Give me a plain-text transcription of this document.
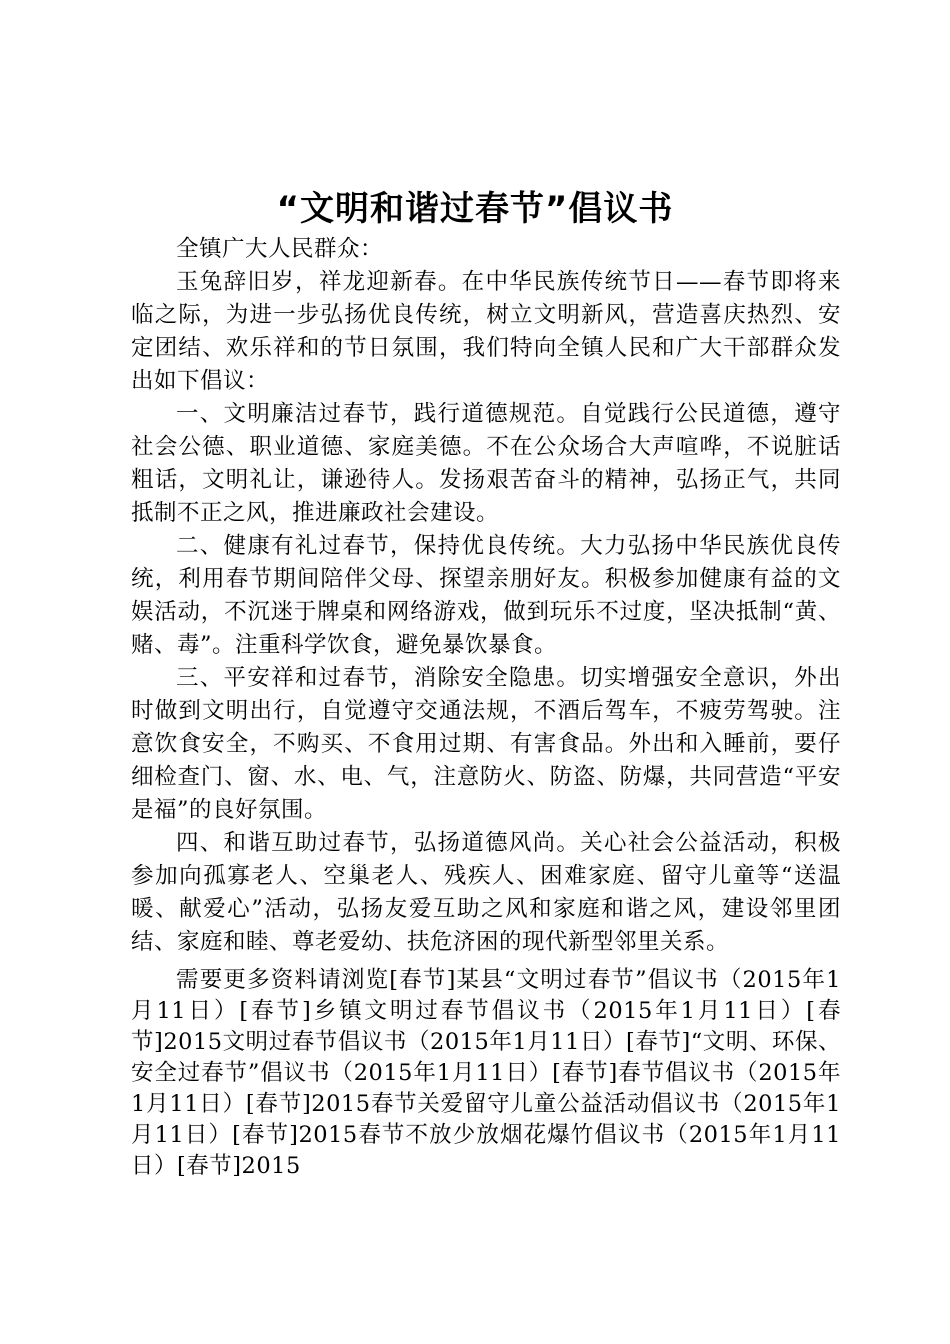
“文明和谐过春节”倡议书

全镇广大人民群众：

玉兔辞旧岁，祥龙迎新春。在中华民族传统节日——春节即将来临之际，为进一步弘扬优良传统，树立文明新风，营造喜庆热烈、安定团结、欢乐祥和的节日氛围，我们特向全镇人民和广大干部群众发出如下倡议：

一、文明廉洁过春节，践行道德规范。自觉践行公民道德，遵守社会公德、职业道德、家庭美德。不在公众场合大声喧哗，不说脏话粗话，文明礼让，谦逊待人。发扬艰苦奋斗的精神，弘扬正气，共同抵制不正之风，推进廉政社会建设。

二、健康有礼过春节，保持优良传统。大力弘扬中华民族优良传统，利用春节期间陪伴父母、探望亲朋好友。积极参加健康有益的文娱活动，不沉迷于牌桌和网络游戏，做到玩乐不过度，坚决抵制“黄、赌、毒”。注重科学饮食，避免暴饮暴食。

三、平安祥和过春节，消除安全隐患。切实增强安全意识，外出时做到文明出行，自觉遵守交通法规，不酒后驾车，不疲劳驾驶。注意饮食安全，不购买、不食用过期、有害食品。外出和入睡前，要仔细检查门、窗、水、电、气，注意防火、防盗、防爆，共同营造“平安是福”的良好氛围。

四、和谐互助过春节，弘扬道德风尚。关心社会公益活动，积极参加向孤寡老人、空巢老人、残疾人、困难家庭、留守儿童等“送温暖、献爱心”活动，弘扬友爱互助之风和家庭和谐之风，建设邻里团结、家庭和睦、尊老爱幼、扶危济困的现代新型邻里关系。

需要更多资料请浏览[春节]某县“文明过春节”倡议书（2015年1月11日）[春节]乡镇文明过春节倡议书（2015年1月11日）[春节]2015文明过春节倡议书（2015年1月11日）[春节]“文明、环保、安全过春节”倡议书（2015年1月11日）[春节]春节倡议书（2015年1月11日）[春节]2015春节关爱留守儿童公益活动倡议书（2015年1月11日）[春节]2015春节不放少放烟花爆竹倡议书（2015年1月11日）[春节]2015
